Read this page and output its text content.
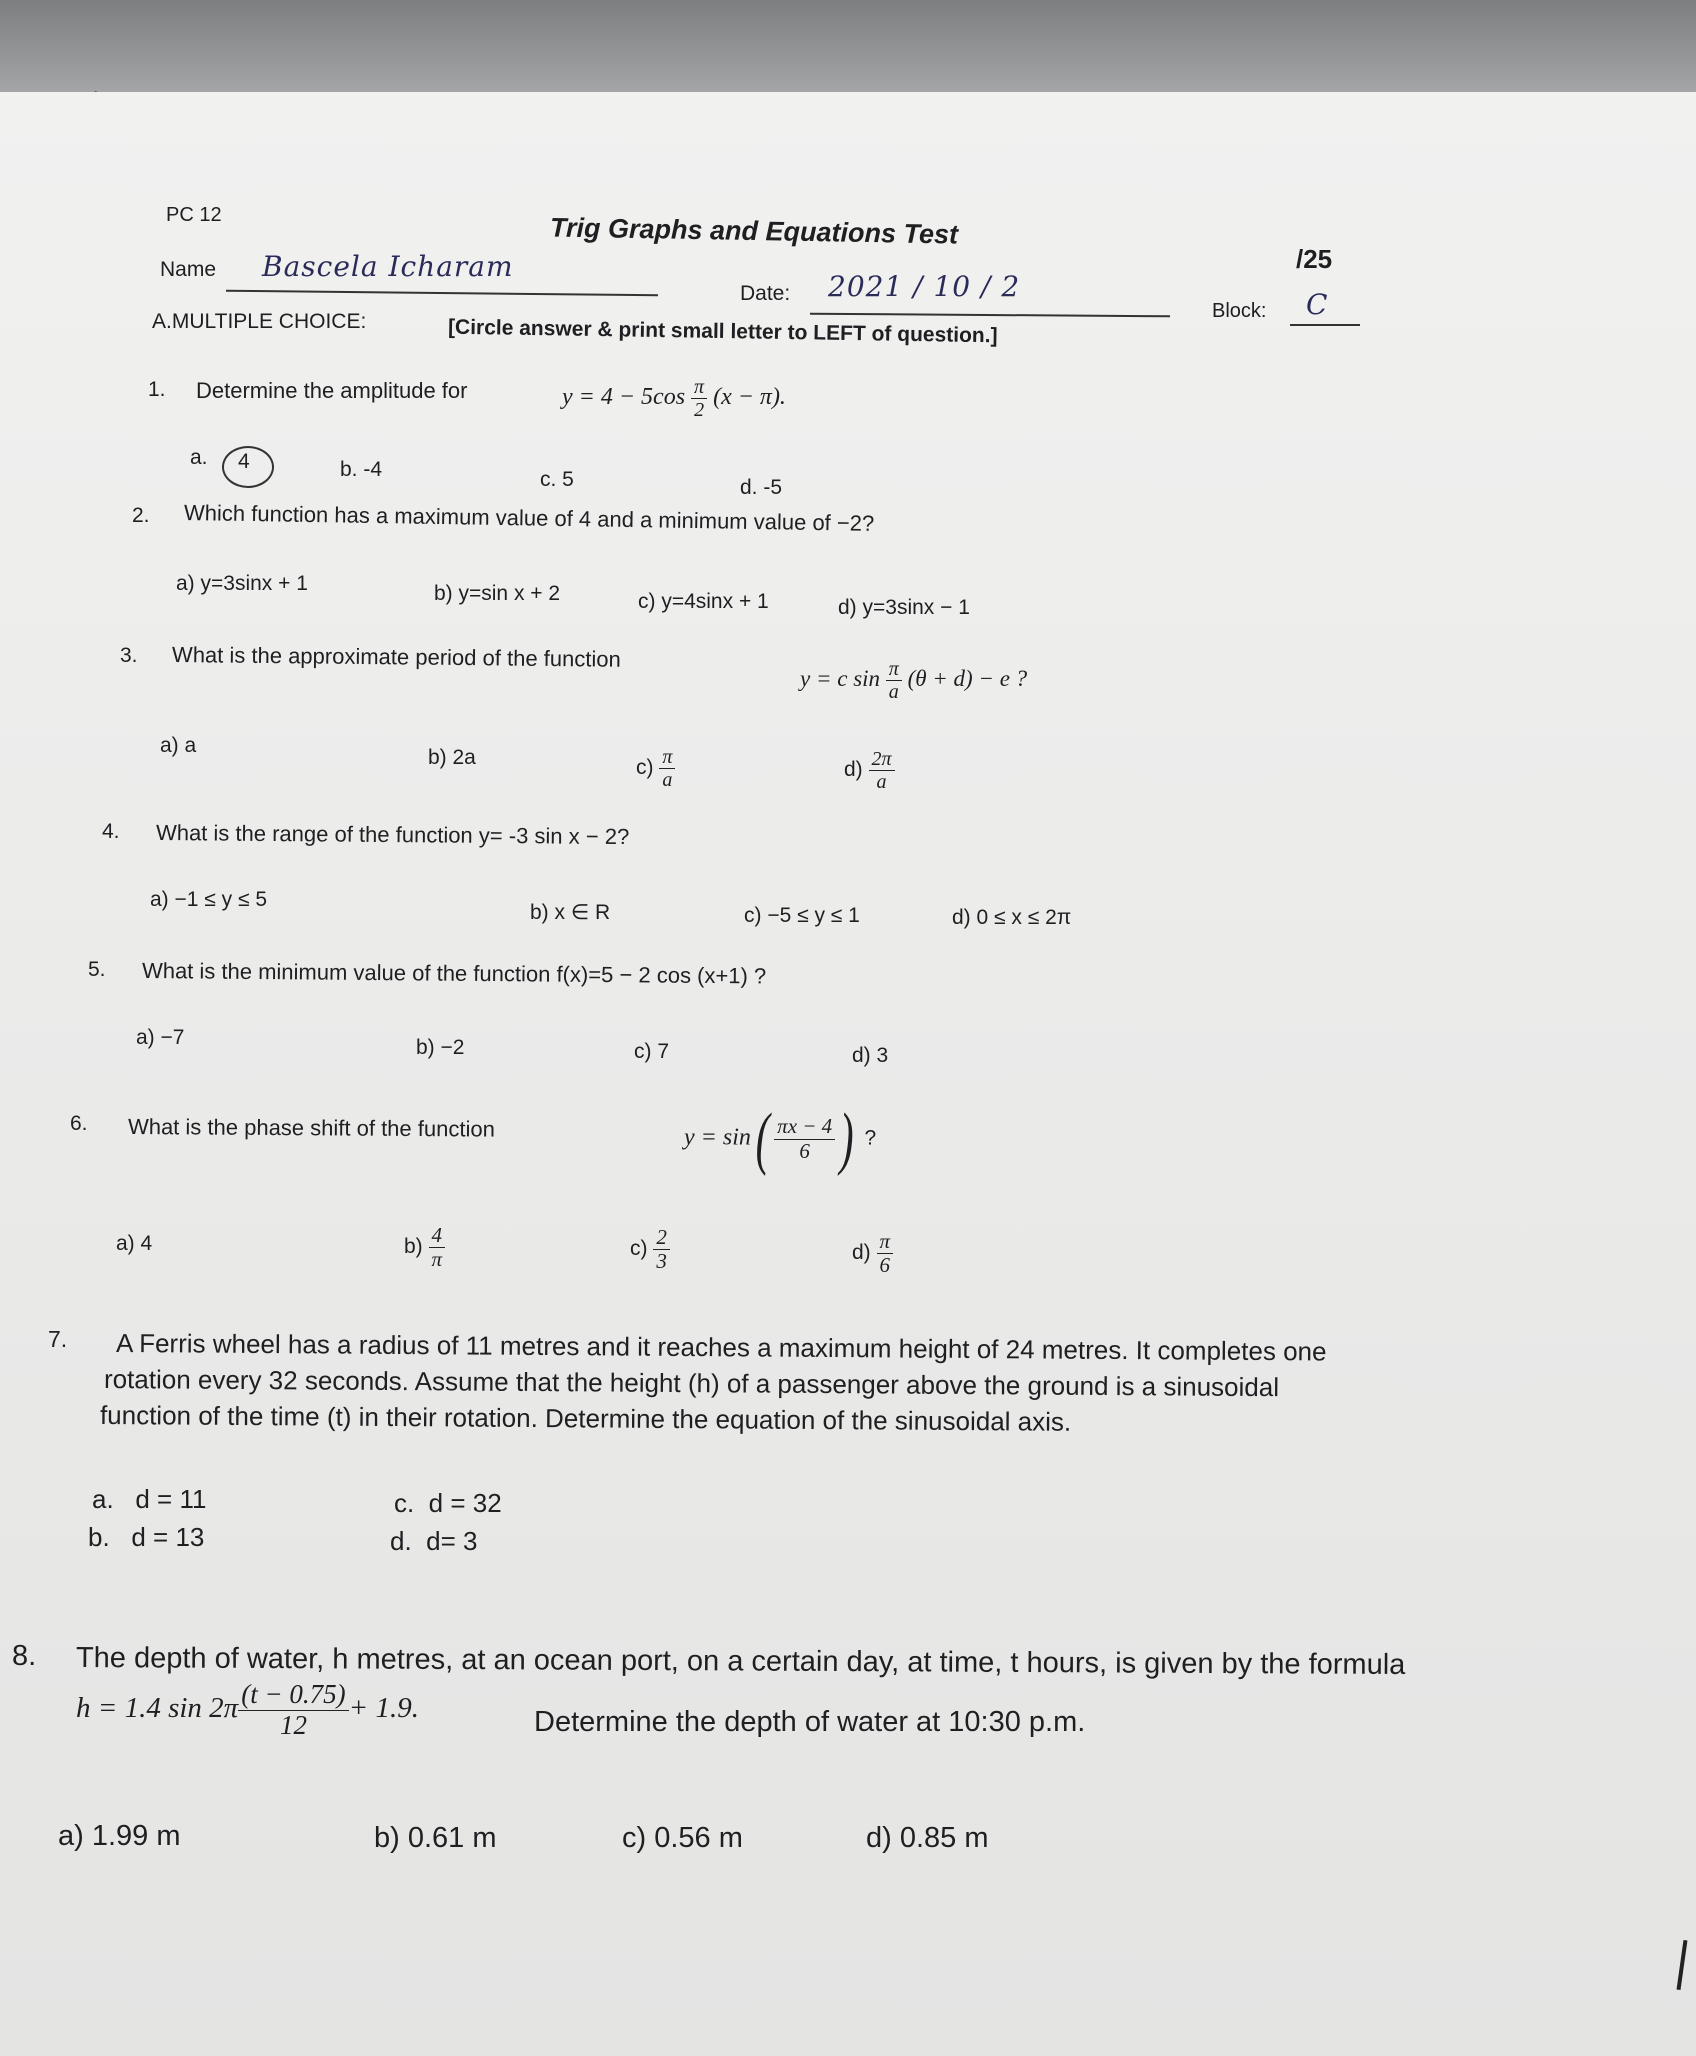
PC 12	Trig Graphs and Equations Test
/25
Name Bascela Icharam
Date: 2021 / 10 / 2
Block: C
A.MULTIPLE CHOICE:	[Circle answer & print small letter to LEFT of question.]
1. Determine the amplitude for	$y = 4 - 5\cos \frac{\pi}{2} (x - \pi)$.
a. 4	b. -4	c. 5	d. -5
2. Which function has a maximum value of 4 and a minimum value of −2?
a) y=3sinx + 1	b) y=sin x + 2	c) y=4sinx + 1	d) y=3sinx − 1
3. What is the approximate period of the function
y = c $\sin \frac{\pi}{a} (\theta + d) - e$ ?
a) a
b) 2a	$c) \frac{\pi}{a}$	$d) \frac{2\pi}{a}$
4. What is the range of the function y= -3 sin x − 2?
a) −1 ≤ y ≤ 5
b) x ∈ R	c) −5 ≤ y ≤ 1	d) 0 ≤ x ≤ 2π
5. What is the minimum value of the function f(x)=5 − 2 cos (x+1) ?
a) −7	b) −2	c) 7	d) 3
6. What is the phase shift of the function	$y = \sin( \frac{\pi x - 4}{6}$ ) ?
a) 4	$b) \frac{4}{\pi}$	$c) \frac{2}{3}$	$d) \frac{\pi}{6}$
7. A Ferris wheel has a radius of 11 metres and it reaches a maximum height of 24 metres. It completes one
rotation every 32 seconds. Assume that the height (h) of a passenger above the ground is a sinusoidal
function of the time (t) in their rotation. Determine the equation of the sinusoidal axis.
a.   d = 11
b.   d = 13
c.  d = 32
d.  d= 3
8. The depth of water, h metres, at an ocean port, on a certain day, at time, t hours, is given by the formula
h = 1.4 $\sin 2\pi \frac{(t - 0.75)}{12} + 1.9$.	Determine the depth of water at 10:30 p.m.
a) 1.99 m	b) 0.61 m	c) 0.56 m	d) 0.85 m
